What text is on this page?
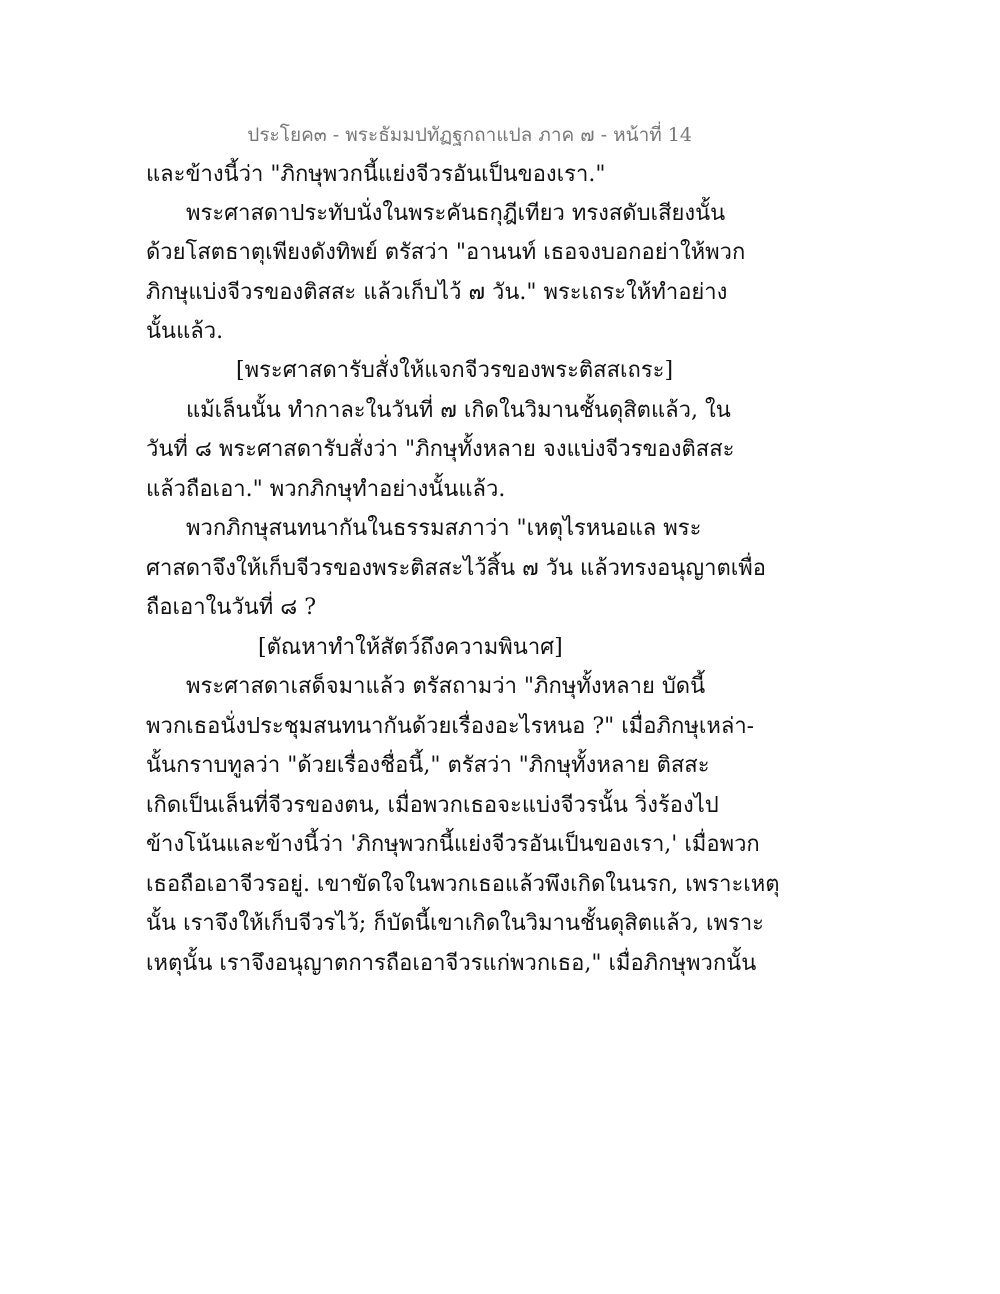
ประโยค๓ - พระธัมมปทัฏฐกถาแปล ภาค ๗ - หน้าที่ 14
และข้างนี้ว่า "ภิกษุพวกนี้แย่งจีวรอันเป็นของเรา."
พระศาสดาประทับนั่งในพระคันธกุฎีเทียว ทรงสดับเสียงนั้น
ด้วยโสตธาตุเพียงดังทิพย์ ตรัสว่า "อานนท์ เธอจงบอกอย่าให้พวก
ภิกษุแบ่งจีวรของติสสะ แล้วเก็บไว้ ๗ วัน." พระเถระให้ทำอย่าง
นั้นแล้ว.
[พระศาสดารับสั่งให้แจกจีวรของพระติสสเถระ]
แม้เล็นนั้น ทำกาละในวันที่ ๗ เกิดในวิมานชั้นดุสิตแล้ว, ใน
วันที่ ๘ พระศาสดารับสั่งว่า "ภิกษุทั้งหลาย จงแบ่งจีวรของติสสะ
แล้วถือเอา." พวกภิกษุทำอย่างนั้นแล้ว.
พวกภิกษุสนทนากันในธรรมสภาว่า "เหตุไรหนอแล พระ
ศาสดาจึงให้เก็บจีวรของพระติสสะไว้สิ้น ๗ วัน แล้วทรงอนุญาตเพื่อ
ถือเอาในวันที่ ๘ ?
[ตัณหาทำให้สัตว์ถึงความพินาศ]
พระศาสดาเสด็จมาแล้ว ตรัสถามว่า "ภิกษุทั้งหลาย บัดนี้
พวกเธอนั่งประชุมสนทนากันด้วยเรื่องอะไรหนอ ?" เมื่อภิกษุเหล่า-
นั้นกราบทูลว่า "ด้วยเรื่องชื่อนี้," ตรัสว่า "ภิกษุทั้งหลาย ติสสะ
เกิดเป็นเล็นที่จีวรของตน, เมื่อพวกเธอจะแบ่งจีวรนั้น วิ่งร้องไป
ข้างโน้นและข้างนี้ว่า 'ภิกษุพวกนี้แย่งจีวรอันเป็นของเรา,' เมื่อพวก
เธอถือเอาจีวรอยู่. เขาขัดใจในพวกเธอแล้วพึงเกิดในนรก, เพราะเหตุ
นั้น เราจึงให้เก็บจีวรไว้; ก็บัดนี้เขาเกิดในวิมานชั้นดุสิตแล้ว, เพราะ
เหตุนั้น เราจึงอนุญาตการถือเอาจีวรแก่พวกเธอ," เมื่อภิกษุพวกนั้น
